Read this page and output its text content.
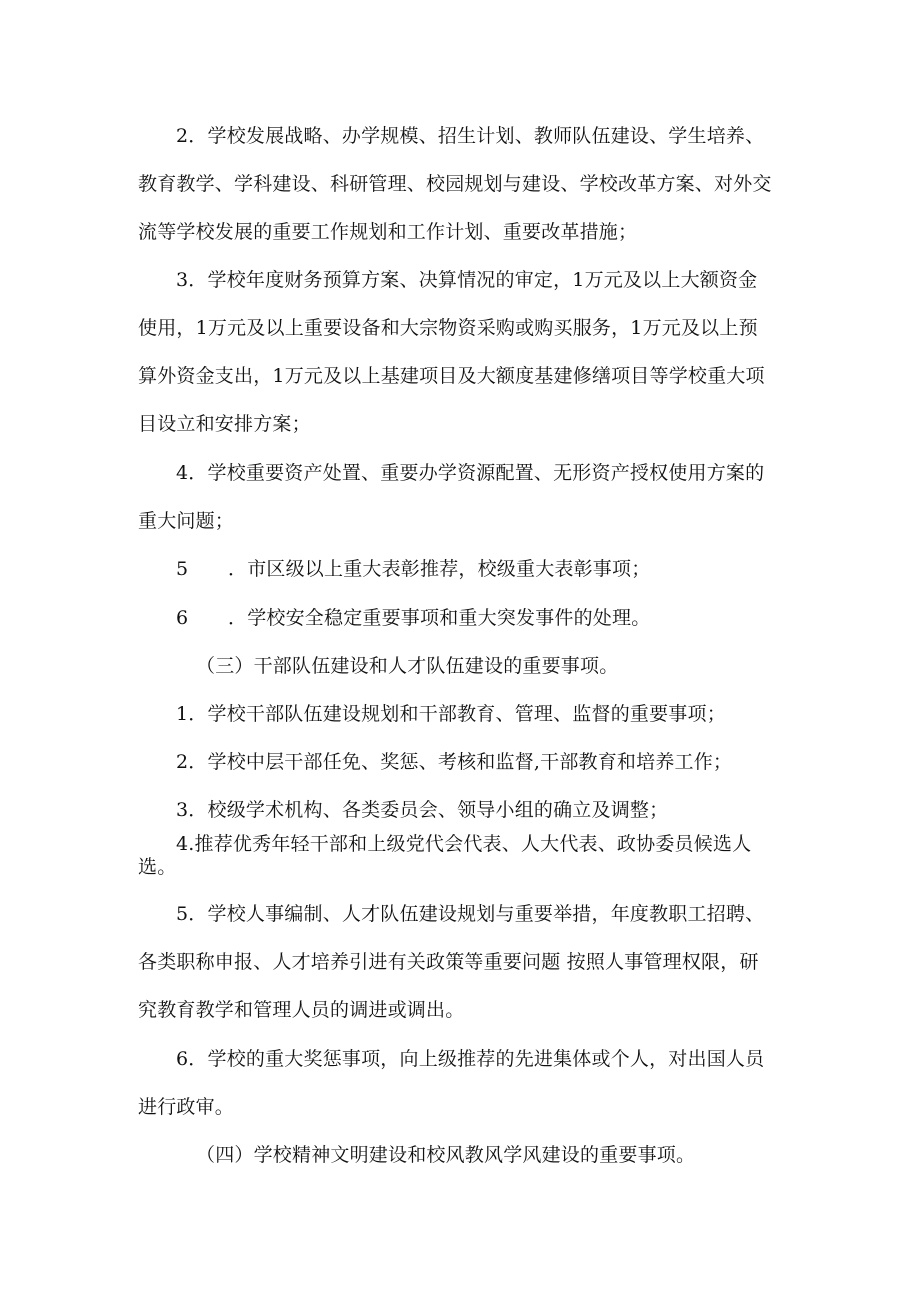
2．学校发展战略、办学规模、招生计划、教师队伍建设、学生培养、
教育教学、学科建设、科研管理、校园规划与建设、学校改革方案、对外交
流等学校发展的重要工作规划和工作计划、重要改革措施；
3．学校年度财务预算方案、决算情况的审定，1万元及以上大额资金
使用，1万元及以上重要设备和大宗物资采购或购买服务，1万元及以上预
算外资金支出，1万元及以上基建项目及大额度基建修缮项目等学校重大项
目设立和安排方案；
4．学校重要资产处置、重要办学资源配置、无形资产授权使用方案的
重大问题；
5 ．市区级以上重大表彰推荐，校级重大表彰事项；
6 ．学校安全稳定重要事项和重大突发事件的处理。
（三）干部队伍建设和人才队伍建设的重要事项。
1．学校干部队伍建设规划和干部教育、管理、监督的重要事项；
2．学校中层干部任免、奖惩、考核和监督,干部教育和培养工作；
3．校级学术机构、各类委员会、领导小组的确立及调整；
4.推荐优秀年轻干部和上级党代会代表、人大代表、政协委员候选人
选。
5．学校人事编制、人才队伍建设规划与重要举措，年度教职工招聘、
各类职称申报、人才培养引进有关政策等重要问题 按照人事管理权限，研
究教育教学和管理人员的调进或调出。
6．学校的重大奖惩事项，向上级推荐的先进集体或个人，对出国人员
进行政审。
（四）学校精神文明建设和校风教风学风建设的重要事项。
